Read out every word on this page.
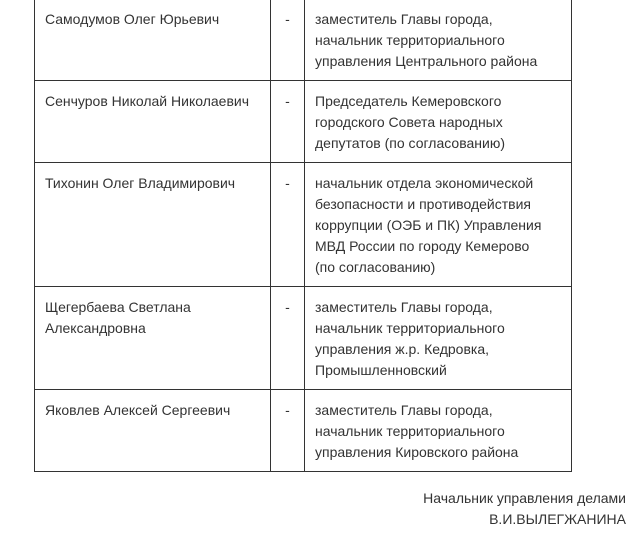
Самодумов Олег Юрьевич	-	заместитель Главы города,
начальник территориального
управления Центрального района

Сенчуров Николай Николаевич	-	Председатель Кемеровского
городского Совета народных
депутатов (по согласованию)

Тихонин Олег Владимирович	-	начальник отдела экономической
безопасности и противодействия
коррупции (ОЭБ и ПК) Управления
МВД России по городу Кемерово
(по согласованию)

Щегербаева Светлана Александровна	-	заместитель Главы города,
начальник территориального
управления ж.р. Кедровка,
Промышленновский

Яковлев Алексей Сергеевич	-	заместитель Главы города,
начальник территориального
управления Кировского района
Начальник управления делами
В.И.ВЫЛЕГЖАНИНА
